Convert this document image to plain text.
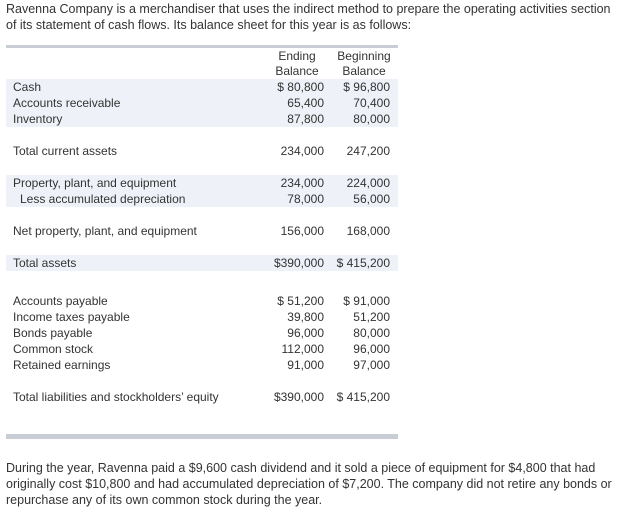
Ravenna Company is a merchandiser that uses the indirect method to prepare the operating activities section of its statement of cash flows. Its balance sheet for this year is as follows:
Ending	Beginning
Balance	Balance
Cash	$ 80,800 $ 96,800
Accounts receivable	65,400 70,400
Inventory	87,800 80,000
Total current assets	234,000 247,200
Property, plant, and equipment	234,000 224,000
Less accumulated depreciation	78,000 56,000
Net property, plant, and equipment	156,000 168,000
Total assets	$390,000 $ 415,200
Accounts payable	$ 51,200 $ 91,000
Income taxes payable	39,800 51,200
Bonds payable	96,000 80,000
Common stock	112,000 96,000
Retained earnings	91,000 97,000
Total liabilities and stockholders’ equity	$390,000 $ 415,200
During the year, Ravenna paid a $9,600 cash dividend and it sold a piece of equipment for $4,800 that had originally cost $10,800 and had accumulated depreciation of $7,200. The company did not retire any bonds or repurchase any of its own common stock during the year.
